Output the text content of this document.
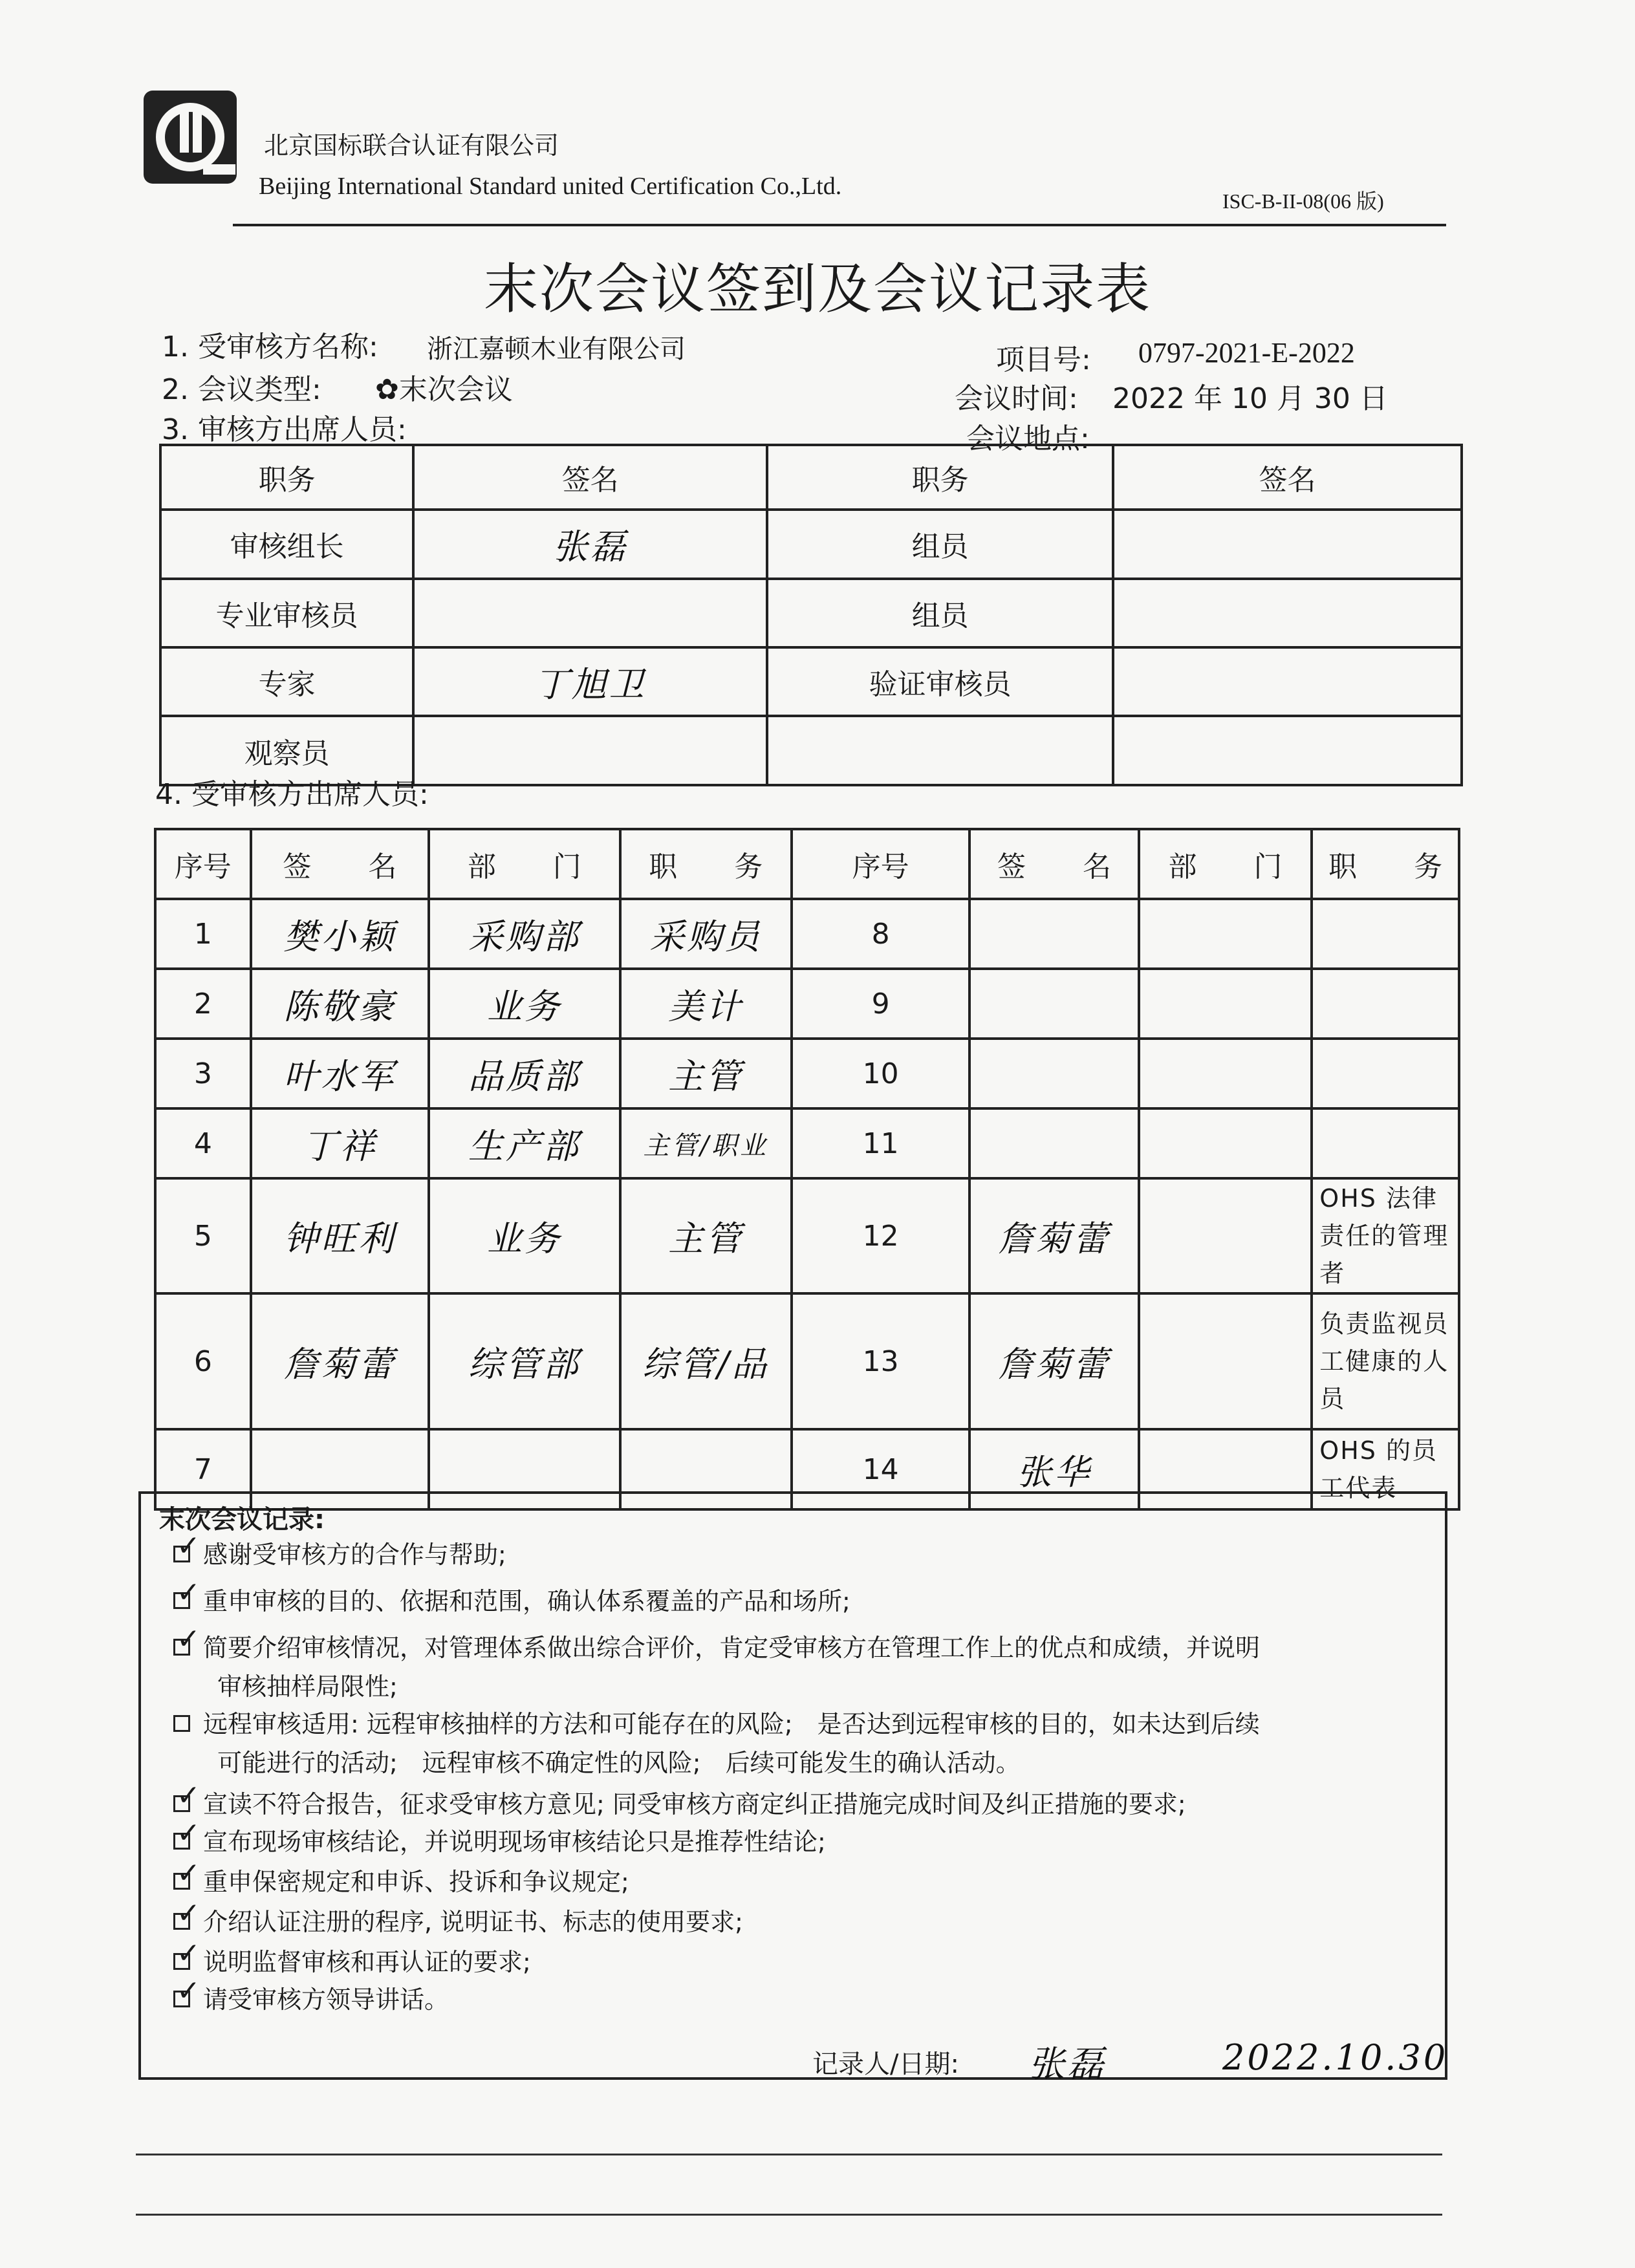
北京国标联合认证有限公司
Beijing International Standard united Certification Co.,Ltd.
ISC-B-II-08(06 版)
末次会议签到及会议记录表
1. 受审核方名称: 浙江嘉顿木业有限公司
2. 会议类型: ✿末次会议
3. 审核方出席人员:
项目号: 0797-2021-E-2022
会议时间: 2022 年 10 月 30 日
会议地点:
职务	签名	职务	签名
审核组长	张磊	组员	
专业审核员		组员	
专家	丁旭卫	验证审核员	
观察员			
4. 受审核方出席人员:
序号	签　　名	部　　门	职　　务	序号	签　　名	部　　门	职　　务
1	樊小颖	采购部	采购员	8			
2	陈敬豪	业务	美计	9			
3	叶水军	品质部	主管	10			
4	丁祥	生产部	主管/职业	11			
5	钟旺利	业务	主管	12	詹菊蕾		OHS 法律责任的管理者
6	詹菊蕾	综管部	综管/品	13	詹菊蕾		负责监视员工健康的人员
7				14	张华		OHS 的员工代表
末次会议记录:
✓感谢受审核方的合作与帮助;
✓重申审核的目的、依据和范围，确认体系覆盖的产品和场所;
✓简要介绍审核情况，对管理体系做出综合评价，肯定受审核方在管理工作上的优点和成绩，并说明
审核抽样局限性;
远程审核适用: 远程审核抽样的方法和可能存在的风险;　是否达到远程审核的目的，如未达到后续
可能进行的活动;　远程审核不确定性的风险;　后续可能发生的确认活动。
✓宣读不符合报告，征求受审核方意见; 同受审核方商定纠正措施完成时间及纠正措施的要求;
✓宣布现场审核结论，并说明现场审核结论只是推荐性结论;
✓重申保密规定和申诉、投诉和争议规定;
✓介绍认证注册的程序, 说明证书、标志的使用要求;
✓说明监督审核和再认证的要求;
✓请受审核方领导讲话。
记录人/日期: 张磊	2022.10.30
